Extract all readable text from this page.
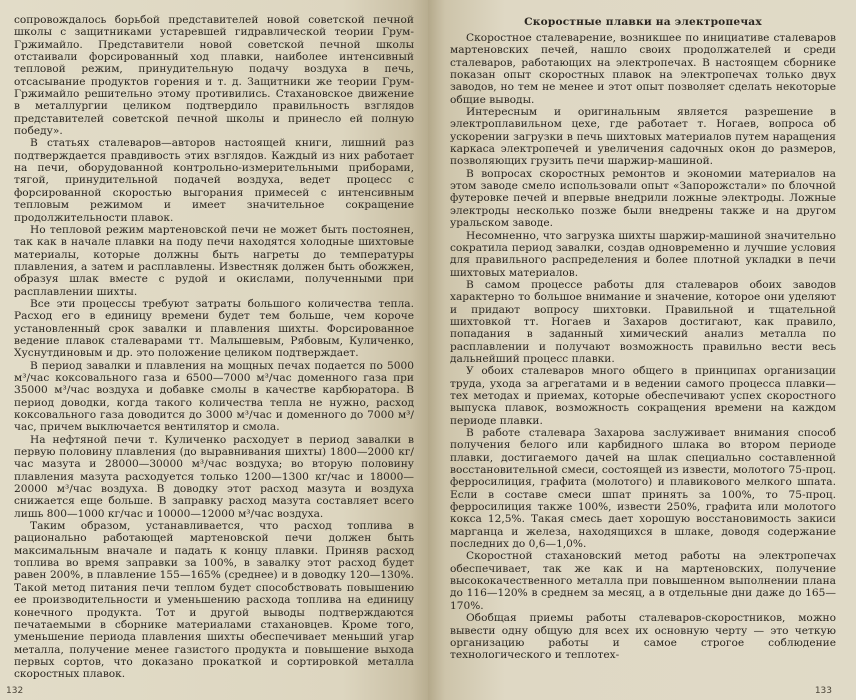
сопровождалось борьбой представителей новой советской печной школы с защитниками устаревшей гидравлической теории Грум-Гржимайло. Представители новой советской печной школы отстаивали форсированный ход плавки, наиболее интенсивный тепловой режим, принудительную подачу воздуха в печь, отсасывание продуктов горения и т. д. Защитники же теории Грум-Гржимайло решительно этому противились. Стахановское движение в металлургии целиком подтвердило правильность взглядов представителей советской печной школы и принесло ей полную победу».

В статьях сталеваров—авторов настоящей книги, лишний раз подтверждается правдивость этих взглядов. Каждый из них работает на печи, оборудованной контрольно-измерительными приборами, тягой, принудительной подачей воздуха, ведет процесс с форсированной скоростью выгорания примесей с интенсивным тепловым режимом и имеет значительное сокращение продолжительности плавок.

Но тепловой режим мартеновской печи не может быть постоянен, так как в начале плавки на поду печи находятся холодные шихтовые материалы, которые должны быть нагреты до температуры плавления, а затем и расплавлены. Известняк должен быть обожжен, образуя шлак вместе с рудой и окислами, полученными при расплавлении шихты.

Все эти процессы требуют затраты большого количества тепла. Расход его в единицу времени будет тем больше, чем короче установленный срок завалки и плавления шихты. Форсированное ведение плавок сталеварами тт. Малышевым, Рябовым, Куличенко, Хуснутдиновым и др. это положение целиком подтверждает.

В период завалки и плавления на мощных печах подается по 5000 м³/час коксовального газа и 6500—7000 м³/час доменного газа при 35000 м³/час воздуха и добавке смолы в качестве карбюратора. В период доводки, когда такого количества тепла не нужно, расход коксовального газа доводится до 3000 м³/час и доменного до 7000 м³/час, причем выключается вентилятор и смола.

На нефтяной печи т. Куличенко расходует в период завалки в первую половину плавления (до выравнивания шихты) 1800—2000 кг/час мазута и 28000—30000 м³/час воздуха; во вторую половину плавления мазута расходуется только 1200—1300 кг/час и 18000—20000 м³/час воздуха. В доводку этот расход мазута и воздуха снижается еще больше. В заправку расход мазута составляет всего лишь 800—1000 кг/час и 10000—12000 м³/час воздуха.

Таким образом, устанавливается, что расход топлива в рационально работающей мартеновской печи должен быть максимальным вначале и падать к концу плавки. Приняв расход топлива во время заправки за 100%, в завалку этот расход будет равен 200%, в плавление 155—165% (среднее) и в доводку 120—130%. Такой метод питания печи теплом будет способствовать повышению ее производительности и уменьшению расхода топлива на единицу конечного продукта. Тот и другой выводы подтверждаются печатаемыми в сборнике материалами стахановцев. Кроме того, уменьшение периода плавления шихты обеспечивает меньший угар металла, получение менее газистого продукта и повышение выхода первых сортов, что доказано прокаткой и сортировкой металла скоростных плавок.

132
Скоростные плавки на электропечах

Скоростное сталеварение, возникшее по инициативе сталеваров мартеновских печей, нашло своих продолжателей и среди сталеваров, работающих на электропечах. В настоящем сборнике показан опыт скоростных плавок на электропечах только двух заводов, но тем не менее и этот опыт позволяет сделать некоторые общие выводы.

Интересным и оригинальным является разрешение в электроплавильном цехе, где работает т. Ногаев, вопроса об ускорении загрузки в печь шихтовых материалов путем наращения каркаса электропечей и увеличения садочных окон до размеров, позволяющих грузить печи шаржир-машиной.

В вопросах скоростных ремонтов и экономии материалов на этом заводе смело использовали опыт «Запорожстали» по блочной футеровке печей и впервые внедрили ложные электроды. Ложные электроды несколько позже были внедрены также и на другом уральском заводе.

Несомненно, что загрузка шихты шаржир-машиной значительно сократила период завалки, создав одновременно и лучшие условия для правильного распределения и более плотной укладки в печи шихтовых материалов.

В самом процессе работы для сталеваров обоих заводов характерно то большое внимание и значение, которое они уделяют и придают вопросу шихтовки. Правильной и тщательной шихтовкой тт. Ногаев и Захаров достигают, как правило, попадания в заданный химический анализ металла по расплавлении и получают возможность правильно вести весь дальнейший процесс плавки.

У обоих сталеваров много общего в принципах организации труда, ухода за агрегатами и в ведении самого процесса плавки—тех методах и приемах, которые обеспечивают успех скоростного выпуска плавок, возможность сокращения времени на каждом периоде плавки.

В работе сталевара Захарова заслуживает внимания способ получения белого или карбидного шлака во втором периоде плавки, достигаемого дачей на шлак специально составленной восстановительной смеси, состоящей из извести, молотого 75-проц. ферросилиция, графита (молотого) и плавикового мелкого шпата. Если в составе смеси шпат принять за 100%, то 75-проц. ферросилиция также 100%, извести 250%, графита или молотого кокса 12,5%. Такая смесь дает хорошую восстановимость закиси марганца и железа, находящихся в шлаке, доводя содержание последних до 0,6—1,0%.

Скоростной стахановский метод работы на электропечах обеспечивает, так же как и на мартеновских, получение высококачественного металла при повышенном выполнении плана до 116—120% в среднем за месяц, а в отдельные дни даже до 165—170%.

Обобщая приемы работы сталеваров-скоростников, можно вывести одну общую для всех их основную черту — это четкую организацию работы и самое строгое соблюдение технологического и теплотех-

133
